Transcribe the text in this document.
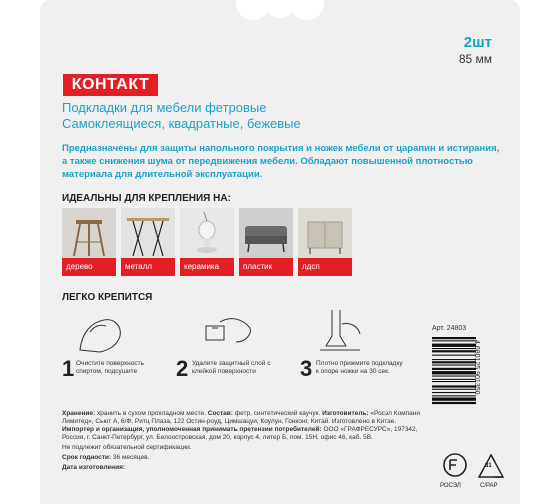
2шт
85 мм
КОНТАКТ
Подкладки для мебели фетровые
Самоклеящиеся, квадратные, бежевые
Предназначены для защиты напольного покрытия и ножек мебели от царапин и истирания, а также снижения шума от передвижения мебели. Обладают повышенной плотностью материала для длительной эксплуатации.
ИДЕАЛЬНЫ ДЛЯ КРЕПЛЕНИЯ НА:
дерево	металл	керамика	пластик	лдсп
ЛЕГКО КРЕПИТСЯ
1 Очистите поверхность спиртом, подсушите	2 Удалите защитный слой с клейкой поверхности	3 Плотно прижмите подкладку к опоре ножки на 30 сек.
Арт. 24803
4 680125 901350
Хранение: хранить в сухом прохладном месте. Состав: фетр, синтетический каучук. Изготовитель: «Росэл Компани Лимитед», Сьют А, 6/Ф, Ритц Плаза, 122 Остин-роуд, Цимшацуи, Коулун, Гонконг, Китай. Изготовлено в Китае. Импортер и организация, уполномоченная принимать претензии потребителей: ООО «ГРАФРЕСУРС», 197342, Россия, г. Санкт-Петербург, ул. Белоостровская, дом 20, корпус 4, литер Б, пом. 15Н, офис 46, каб. 5В.
Не подлежит обязательной сертификации.
Срок годности: 36 месяцев.
Дата изготовления:
РОСЭЛ
81
C/PAP
